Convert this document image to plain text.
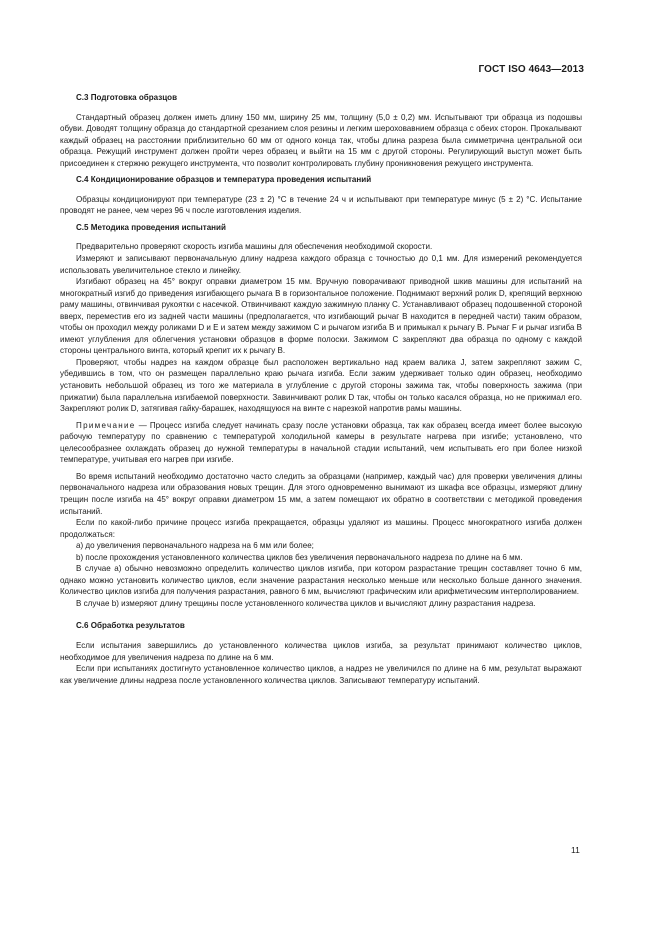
ГОСТ ISO 4643—2013
С.3 Подготовка образцов

Стандартный образец должен иметь длину 150 мм, ширину 25 мм, толщину (5,0 ± 0,2) мм. Испытывают три образца из подошвы обуви. Доводят толщину образца до стандартной срезанием слоя резины и легким шероховавнием образца с обеих сторон. Прокалывают каждый образец на расстоянии приблизительно 60 мм от одного конца так, чтобы длина разреза была симметрична центральной оси образца. Режущий инструмент должен пройти через образец и выйти на 15 мм с другой стороны. Регулирующий выступ может быть присоединен к стержню режущего инструмента, что позволит контролировать глубину проникновения режущего инструмента.

С.4 Кондиционирование образцов и температура проведения испытаний

Образцы кондиционируют при температуре (23 ± 2) °С в течение 24 ч и испытывают при температуре минус (5 ± 2) °С. Испытание проводят не ранее, чем через 96 ч после изготовления изделия.

С.5 Методика проведения испытаний

Предварительно проверяют скорость изгиба машины для обеспечения необходимой скорости.

Измеряют и записывают первоначальную длину надреза каждого образца с точностью до 0,1 мм. Для измерений рекомендуется использовать увеличительное стекло и линейку.

Изгибают образец на 45° вокруг оправки диаметром 15 мм. Вручную поворачивают приводной шкив машины для испытаний на многократный изгиб до приведения изгибающего рычага B в горизонтальное положение. Поднимают верхний ролик D, крепящий верхнюю раму машины, отвинчивая рукоятки с насечкой. Отвинчивают каждую зажимную планку С. Устанавливают образец подошвенной стороной вверх, переместив его из задней части машины (предполагается, что изгибающий рычаг В находится в передней части) таким образом, чтобы он проходил между роликами D и E и затем между зажимом С и рычагом изгиба В и примыкал к рычагу В. Рычаг F и рычаг изгиба В имеют углубления для облегчения установки образцов в форме полоски. Зажимом С закрепляют два образца по одному с каждой стороны центрального винта, который крепит их к рычагу В.

Проверяют, чтобы надрез на каждом образце был расположен вертикально над краем валика J, затем закрепляют зажим С, убедившись в том, что он размещен параллельно краю рычага изгиба. Если зажим удерживает только один образец, необходимо установить небольшой образец из того же материала в углубление с другой стороны зажима так, чтобы поверхность зажима (при прижатии) была параллельна изгибаемой поверхности. Завинчивают ролик D так, чтобы он только касался образца, но не прижимал его. Закрепляют ролик D, затягивая гайку-барашек, находящуюся на винте с нарезкой напротив рамы машины.

Примечание — Процесс изгиба следует начинать сразу после установки образца, так как образец всегда имеет более высокую рабочую температуру по сравнению с температурой холодильной камеры в результате нагрева при изгибе; установлено, что целесообразнее охлаждать образец до нужной температуры в начальной стадии испытаний, чем испытывать его при более низкой температуре, учитывая его нагрев при изгибе.

Во время испытаний необходимо достаточно часто следить за образцами (например, каждый час) для проверки увеличения длины первоначального надреза или образования новых трещин. Для этого одновременно вынимают из шкафа все образцы, измеряют длину трещин после изгиба на 45° вокруг оправки диаметром 15 мм, а затем помещают их обратно в соответствии с методикой проведения испытаний.

Если по какой-либо причине процесс изгиба прекращается, образцы удаляют из машины. Процесс многократного изгиба должен продолжаться:

а) до увеличения первоначального надреза на 6 мм или более;

b) после прохождения установленного количества циклов без увеличения первоначального надреза по длине на 6 мм.

В случае а) обычно невозможно определить количество циклов изгиба, при котором разрастание трещин составляет точно 6 мм, однако можно установить количество циклов, если значение разрастания несколько меньше или несколько больше данного значения. Количество циклов изгиба для получения разрастания, равного 6 мм, вычисляют графическим или арифметическим интерполированием.

В случае b) измеряют длину трещины после установленного количества циклов и вычисляют длину разрастания надреза.

С.6 Обработка результатов

Если испытания завершились до установленного количества циклов изгиба, за результат принимают количество циклов, необходимое для увеличения надреза по длине на 6 мм.

Если при испытаниях достигнуто установленное количество циклов, а надрез не увеличился по длине на 6 мм, результат выражают как увеличение длины надреза после установленного количества циклов. Записывают температуру испытаний.

11
